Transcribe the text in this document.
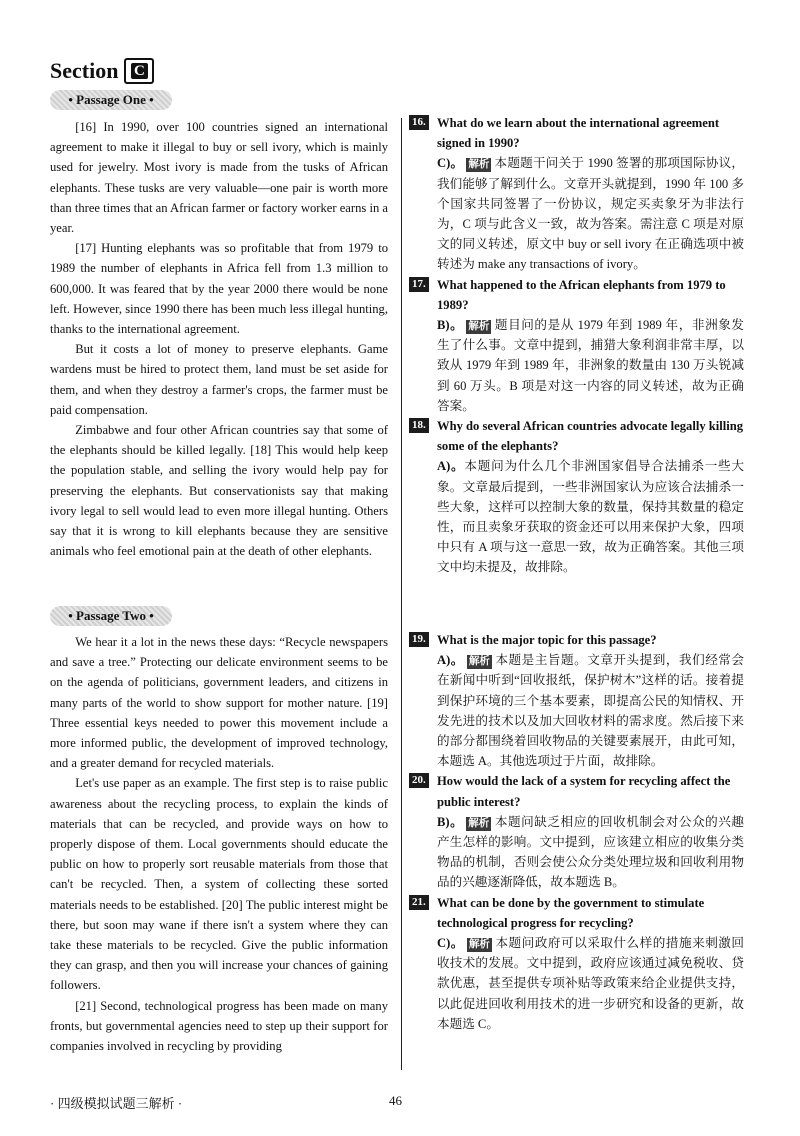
Section C
• Passage One •

[16] In 1990, over 100 countries signed an international agreement to make it illegal to buy or sell ivory, which is mainly used for jewelry. Most ivory is made from the tusks of African elephants. These tusks are very valuable—one pair is worth more than three times that an African farmer or factory worker earns in a year.

[17] Hunting elephants was so profitable that from 1979 to 1989 the number of elephants in Africa fell from 1.3 million to 600,000. It was feared that by the year 2000 there would be none left. However, since 1990 there has been much less illegal hunting, thanks to the international agreement.

But it costs a lot of money to preserve elephants. Game wardens must be hired to protect them, land must be set aside for them, and when they destroy a farmer's crops, the farmer must be paid compensation.

Zimbabwe and four other African countries say that some of the elephants should be killed legally. [18] This would help keep the population stable, and selling the ivory would help pay for preserving the elephants. But conservationists say that making ivory legal to sell would lead to even more illegal hunting. Others say that it is wrong to kill elephants because they are sensitive animals who feel emotional pain at the death of other elephants.

• Passage Two •

We hear it a lot in the news these days: “Recycle newspapers and save a tree.” Protecting our delicate environment seems to be on the agenda of politicians, government leaders, and citizens in many parts of the world to show support for mother nature. [19] Three essential keys needed to power this movement include a more informed public, the development of improved technology, and a greater demand for recycled materials.

Let's use paper as an example. The first step is to raise public awareness about the recycling process, to explain the kinds of materials that can be recycled, and provide ways on how to properly dispose of them. Local governments should educate the public on how to properly sort reusable materials from those that can't be recycled. Then, a system of collecting these sorted materials needs to be established. [20] The public interest might be there, but soon may wane if there isn't a system where they can take these materials to be recycled. Give the public information they can grasp, and then you will increase your chances of gaining followers.

[21] Second, technological progress has been made on many fronts, but governmental agencies need to step up their support for companies involved in recycling by providing

16. What do we learn about the international agreement signed in 1990?
C)。 解析 本题题干问关于 1990 签署的那项国际协议，我们能够了解到什么。文章开头就提到，1990 年 100 多个国家共同签署了一份协议，规定买卖象牙为非法行为，C 项与此含义一致，故为答案。需注意 C 项是对原文的同义转述，原文中 buy or sell ivory 在正确选项中被转述为 make any transactions of ivory。
17. What happened to the African elephants from 1979 to 1989?
B)。 解析 题目问的是从 1979 年到 1989 年，非洲象发生了什么事。文章中提到，捕猎大象利润非常丰厚，以致从 1979 年到 1989 年，非洲象的数量由 130 万头锐减到 60 万头。B 项是对这一内容的同义转述，故为正确答案。
18. Why do several African countries advocate legally killing some of the elephants?
A)。本题问为什么几个非洲国家倡导合法捕杀一些大象。文章最后提到，一些非洲国家认为应该合法捕杀一些大象，这样可以控制大象的数量，保持其数量的稳定性，而且卖象牙获取的资金还可以用来保护大象，四项中只有 A 项与这一意思一致，故为正确答案。其他三项文中均未提及，故排除。
19. What is the major topic for this passage?
A)。 解析 本题是主旨题。文章开头提到，我们经常会在新闻中听到“回收报纸，保护树木”这样的话。接着提到保护环境的三个基本要素，即提高公民的知情权、开发先进的技术以及加大回收材料的需求度。然后接下来的部分都围绕着回收物品的关键要素展开，由此可知，本题选 A。其他选项过于片面，故排除。
20. How would the lack of a system for recycling affect the public interest?
B)。 解析 本题问缺乏相应的回收机制会对公众的兴趣产生怎样的影响。文中提到，应该建立相应的收集分类物品的机制，否则会使公众分类处理垃圾和回收利用物品的兴趣逐渐降低，故本题选 B。
21. What can be done by the government to stimulate technological progress for recycling?
C)。 解析 本题问政府可以采取什么样的措施来刺激回收技术的发展。文中提到，政府应该通过减免税收、贷款优惠，甚至提供专项补贴等政策来给企业提供支持，以此促进回收利用技术的进一步研究和设备的更新，故本题选 C。
· 四级模拟试题三解析 ·	46
